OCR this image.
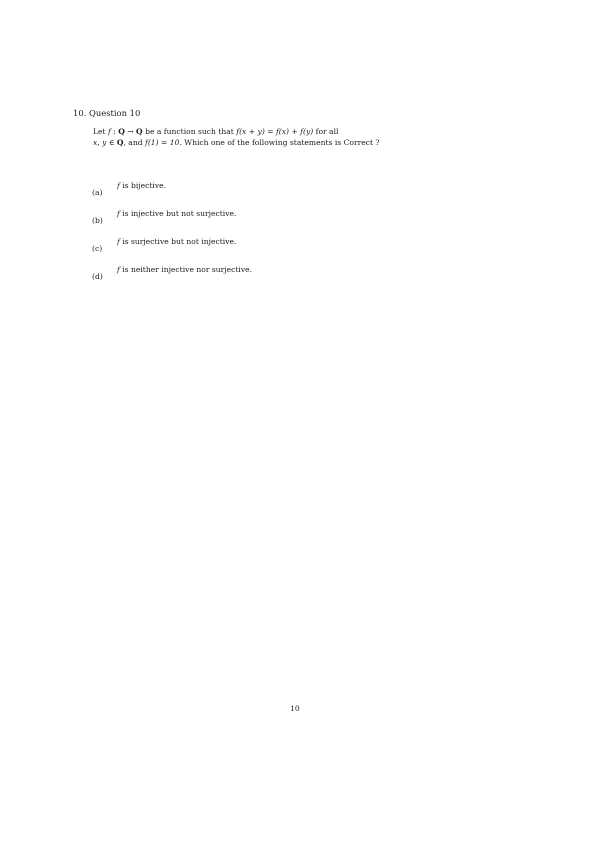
10. Question 10
Let f : Q → Q be a function such that f(x + y) = f(x) + f(y) for all
x, y ∈ Q, and f(1) = 10. Which one of the following statements is Correct ?
(a)
f is bijective.
(b)
f is injective but not surjective.
(c)
f is surjective but not injective.
(d)
f is neither injective nor surjective.
10
